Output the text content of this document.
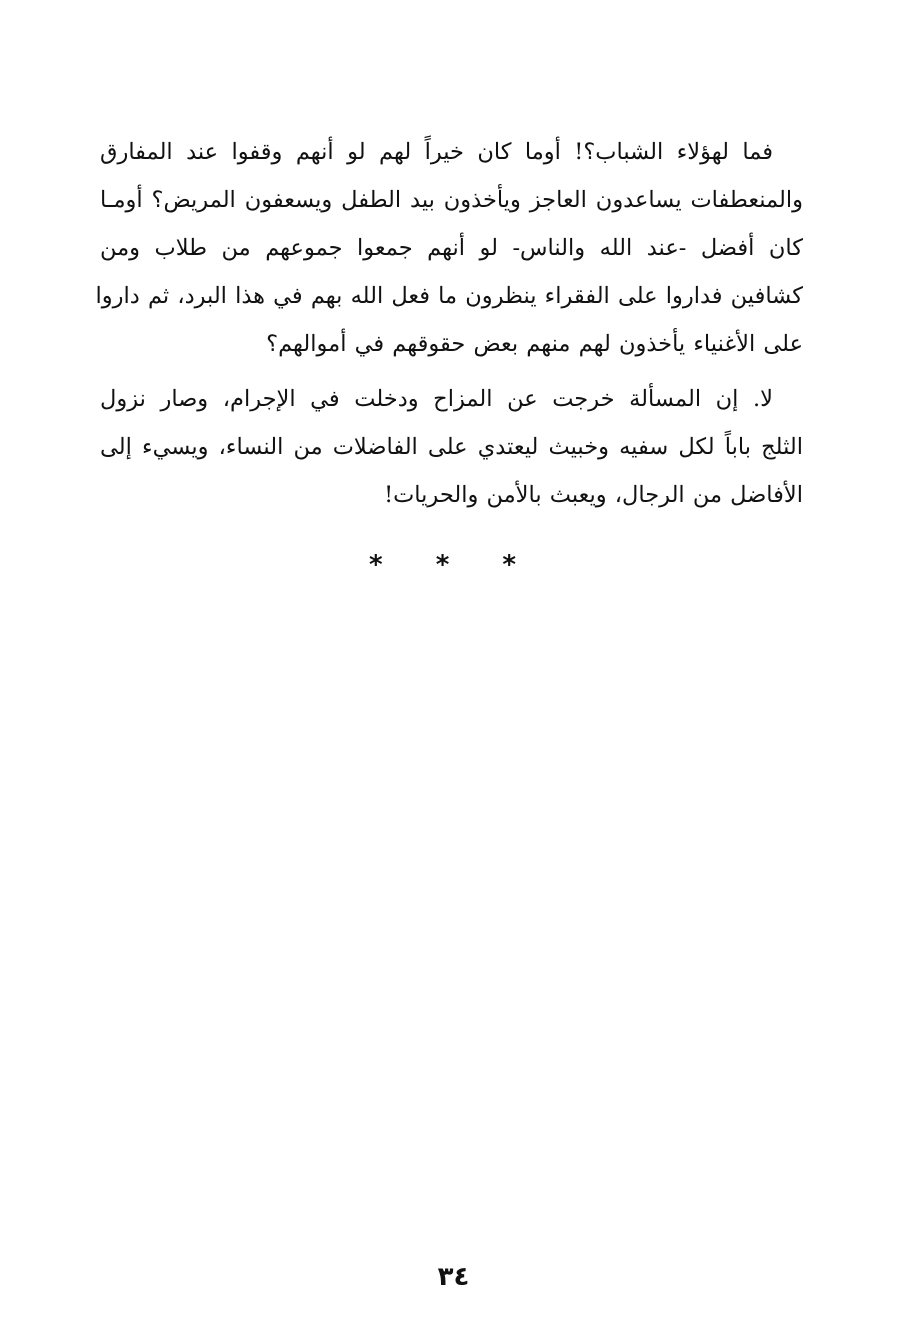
فما لهؤلاء الشباب؟! أوما كان خيراً لهم لو أنهم وقفوا عند المفارق
والمنعطفات يساعدون العاجز ويأخذون بيد الطفل ويسعفون المريض؟ أومـا
كان أفضل -عند الله والناس- لو أنهم جمعوا جموعهم من طلاب ومن
كشافين فداروا على الفقراء ينظرون ما فعل الله بهم في هذا البرد، ثم داروا
على الأغنياء يأخذون لهم منهم بعض حقوقهم في أموالهم؟
لا. إن المسألة خرجت عن المزاح ودخلت في الإجرام، وصار نزول
الثلج باباً لكل سفيه وخبيث ليعتدي على الفاضلات من النساء، ويسيء إلى
الأفاضل من الرجال، ويعبث بالأمن والحريات!
* * *
٣٤
